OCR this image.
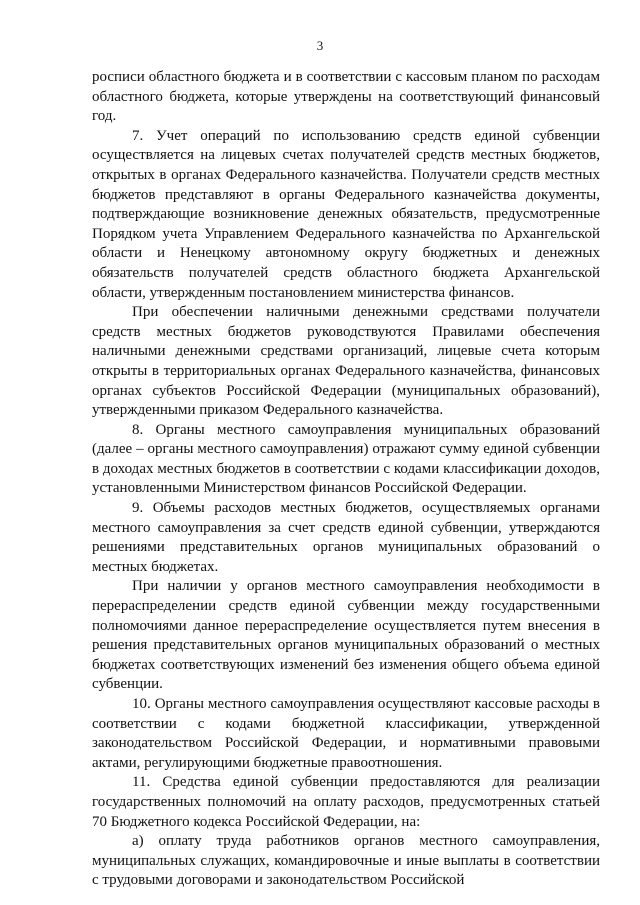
3

росписи областного бюджета и в соответствии с кассовым планом по расходам областного бюджета, которые утверждены на соответствующий финансовый год.

7. Учет операций по использованию средств единой субвенции осуществляется на лицевых счетах получателей средств местных бюджетов, открытых в органах Федерального казначейства. Получатели средств местных бюджетов представляют в органы Федерального казначейства документы, подтверждающие возникновение денежных обязательств, предусмотренные Порядком учета Управлением Федерального казначейства по Архангельской области и Ненецкому автономному округу бюджетных и денежных обязательств получателей средств областного бюджета Архангельской области, утвержденным постановлением министерства финансов.

При обеспечении наличными денежными средствами получатели средств местных бюджетов руководствуются Правилами обеспечения наличными денежными средствами организаций, лицевые счета которым открыты в территориальных органах Федерального казначейства, финансовых органах субъектов Российской Федерации (муниципальных образований), утвержденными приказом Федерального казначейства.

8. Органы местного самоуправления муниципальных образований (далее – органы местного самоуправления) отражают сумму единой субвенции в доходах местных бюджетов в соответствии с кодами классификации доходов, установленными Министерством финансов Российской Федерации.

9. Объемы расходов местных бюджетов, осуществляемых органами местного самоуправления за счет средств единой субвенции, утверждаются решениями представительных органов муниципальных образований о местных бюджетах.

При наличии у органов местного самоуправления необходимости в перераспределении средств единой субвенции между государственными полномочиями данное перераспределение осуществляется путем внесения в решения представительных органов муниципальных образований о местных бюджетах соответствующих изменений без изменения общего объема единой субвенции.

10. Органы местного самоуправления осуществляют кассовые расходы в соответствии с кодами бюджетной классификации, утвержденной законодательством Российской Федерации, и нормативными правовыми актами, регулирующими бюджетные правоотношения.

11. Средства единой субвенции предоставляются для реализации государственных полномочий на оплату расходов, предусмотренных статьей 70 Бюджетного кодекса Российской Федерации, на:

а) оплату труда работников органов местного самоуправления, муниципальных служащих, командировочные и иные выплаты в соответствии с трудовыми договорами и законодательством Российской
